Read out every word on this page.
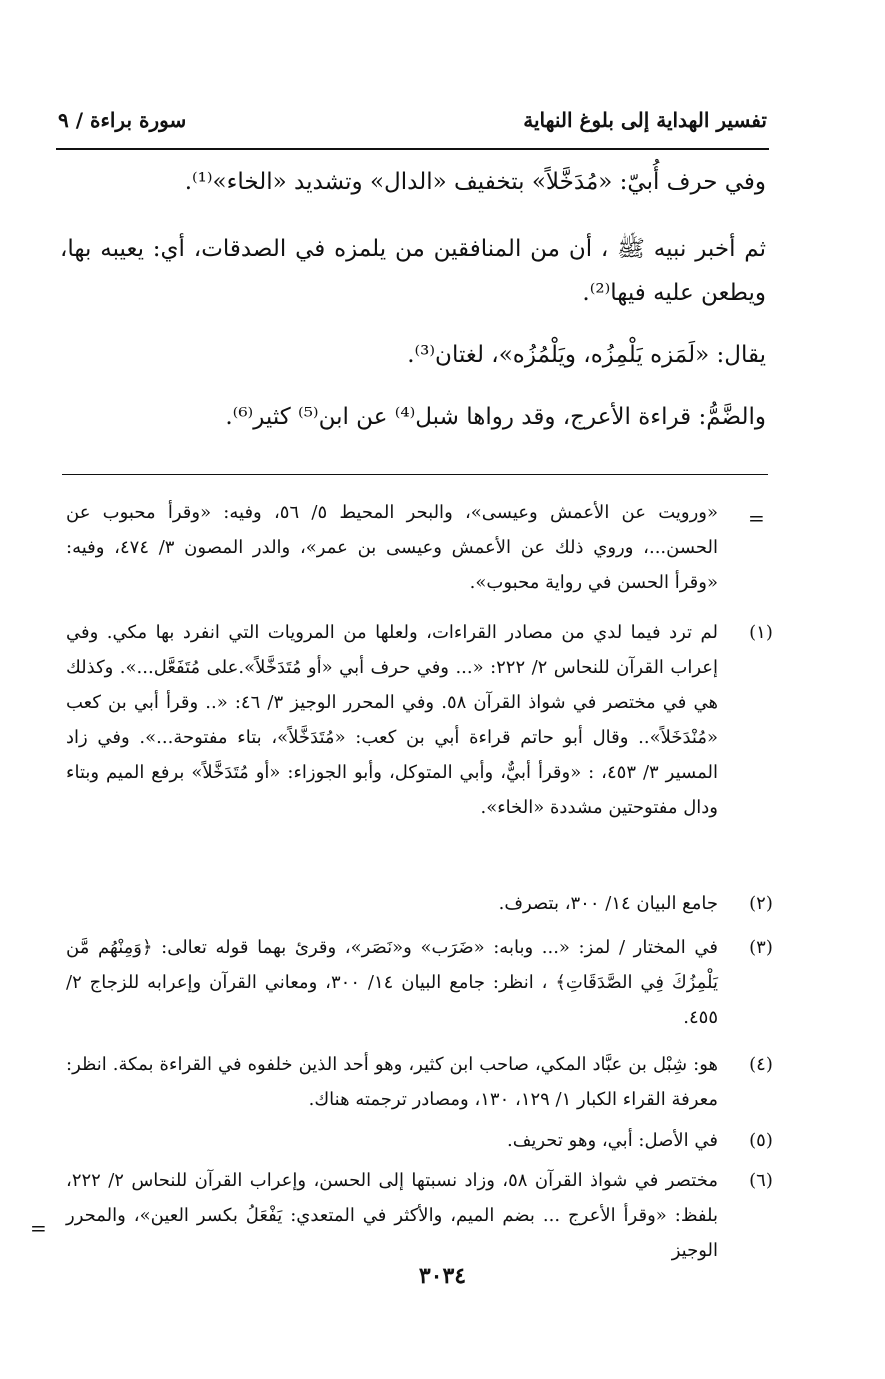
تفسير الهداية إلى بلوغ النهاية
سورة براءة / ٩
وفي حرف أُبيّ: «مُدَخَّلاً» بتخفيف «الدال» وتشديد «الخاء»⁽¹⁾.
ثم أخبر نبيه ﷺ ، أن من المنافقين من يلمزه في الصدقات، أي: يعيبه بها، ويطعن عليه فيها⁽²⁾.
يقال: «لَمَزه يَلْمِزُه، ويَلْمُزُه»، لغتان⁽³⁾.
والضَّمُّ: قراءة الأعرج، وقد رواها شبل⁽⁴⁾ عن ابن⁽⁵⁾ كثير⁽⁶⁾.
«ورويت عن الأعمش وعيسى»، والبحر المحيط ٥/ ٥٦، وفيه: «وقرأ محبوب عن الحسن...، وروي ذلك عن الأعمش وعيسى بن عمر»، والدر المصون ٣/ ٤٧٤، وفيه: «وقرأ الحسن في رواية محبوب».
=
(١)
لم ترد فيما لدي من مصادر القراءات، ولعلها من المرويات التي انفرد بها مكي. وفي إعراب القرآن للنحاس ٢/ ٢٢٢: «... وفي حرف أبي «أو مُتَدَخَّلاً».على مُتَفَعَّل...». وكذلك هي في مختصر في شواذ القرآن ٥٨. وفي المحرر الوجيز ٣/ ٤٦: «.. وقرأ أبي بن كعب «مُنْدَخَلاً».. وقال أبو حاتم قراءة أبي بن كعب: «مُتَدَخَّلاً»، بتاء مفتوحة...». وفي زاد المسير ٣/ ٤٥٣، : «وقرأ أبيٌّ، وأبي المتوكل، وأبو الجوزاء: «أو مُتَدَخَّلاً» برفع الميم وبتاء ودال مفتوحتين مشددة «الخاء».
(٢)
جامع البيان ١٤/ ٣٠٠، بتصرف.
(٣)
في المختار / لمز: «... وبابه: «ضَرَب» و«نَصَر»، وقرئ بهما قوله تعالى: ﴿وَمِنْهُم مَّن يَلْمِزُكَ فِي الصَّدَقَاتِ﴾ ، انظر: جامع البيان ١٤/ ٣٠٠، ومعاني القرآن وإعرابه للزجاج ٢/ ٤٥٥.
(٤)
هو: شِبْل بن عبَّاد المكي، صاحب ابن كثير، وهو أحد الذين خلفوه في القراءة بمكة. انظر: معرفة القراء الكبار ١/ ١٢٩، ١٣٠، ومصادر ترجمته هناك.
(٥)
في الأصل: أبي، وهو تحريف.
(٦)
مختصر في شواذ القرآن ٥٨، وزاد نسبتها إلى الحسن، وإعراب القرآن للنحاس ٢/ ٢٢٢، بلفظ: «وقرأ الأعرج ... بضم الميم، والأكثر في المتعدي: يَفْعَلُ بكسر العين»، والمحرر الوجيز
=
٣٠٣٤
